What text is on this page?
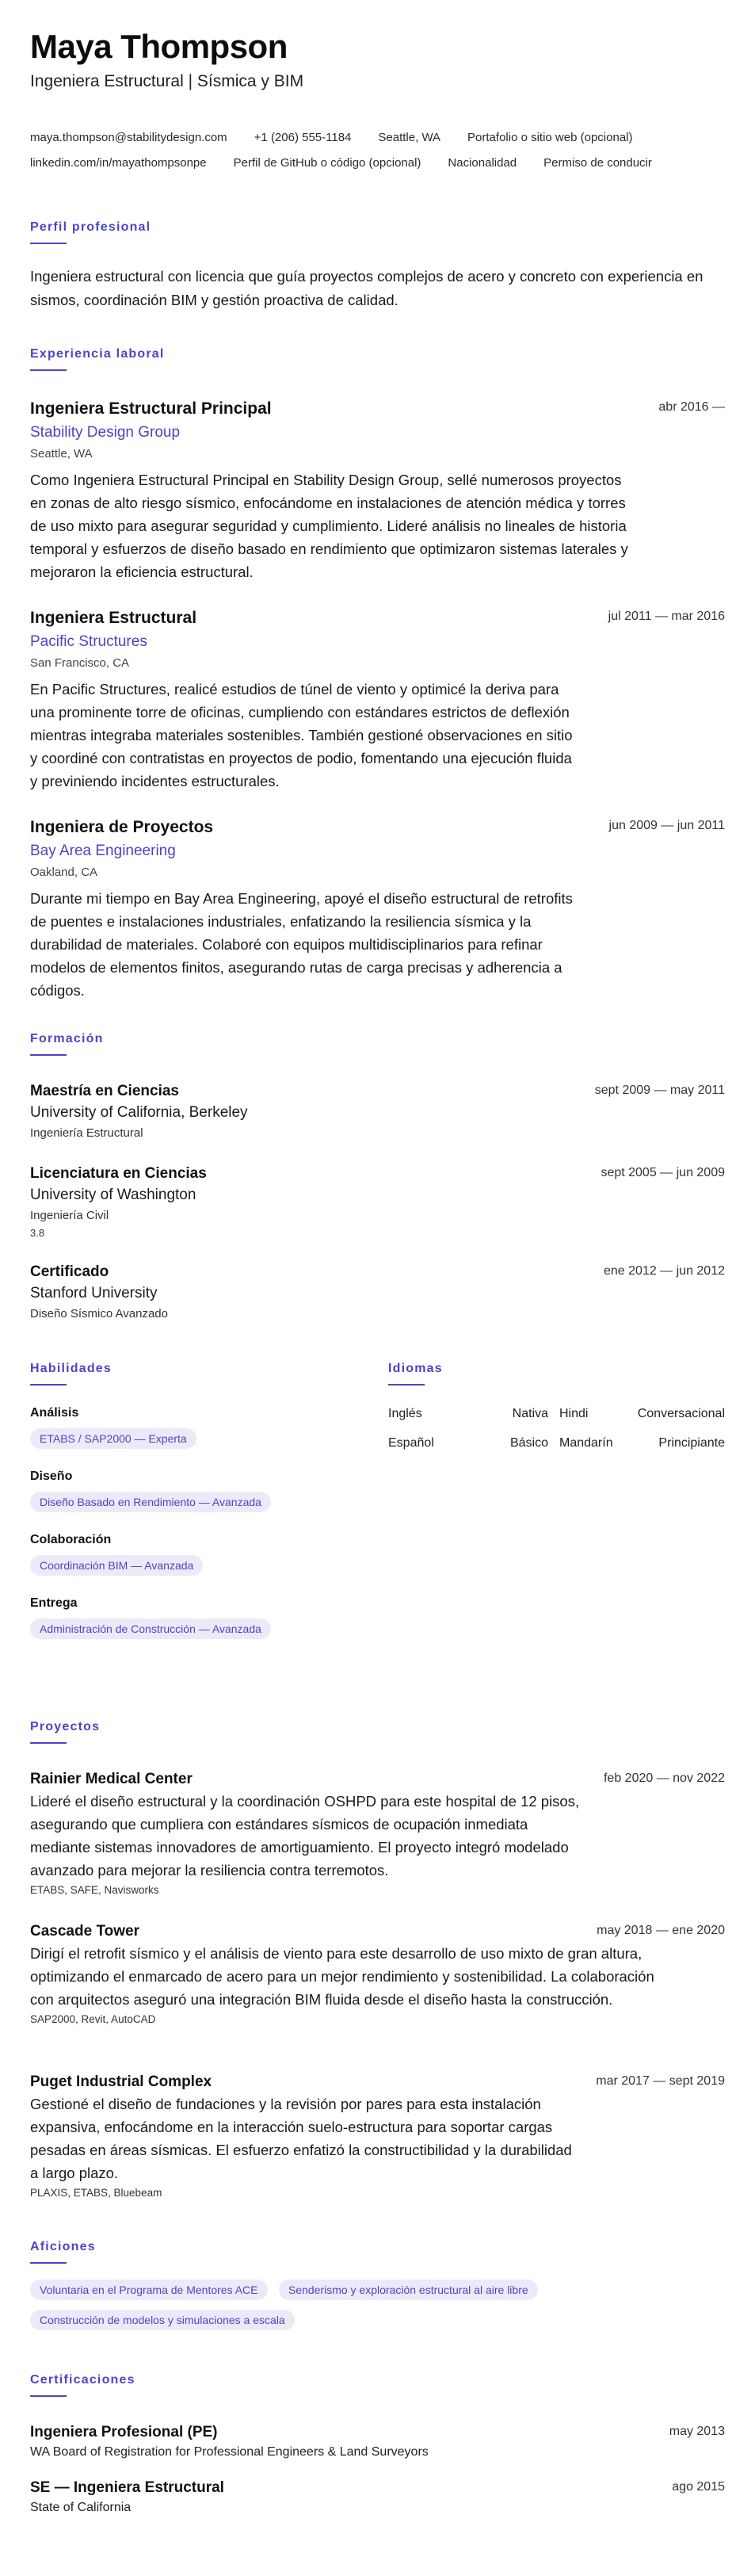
Maya Thompson
Ingeniera Estructural | Sísmica y BIM
maya.thompson@stabilitydesign.com +1 (206) 555-1184 Seattle, WA Portafolio o sitio web (opcional)
linkedin.com/in/mayathompsonpe Perfil de GitHub o código (opcional) Nacionalidad Permiso de conducir
Perfil profesional
Ingeniera estructural con licencia que guía proyectos complejos de acero y concreto con experiencia en sismos, coordinación BIM y gestión proactiva de calidad.
Experiencia laboral
Ingeniera Estructural Principal	abr 2016 —
Stability Design Group
Seattle, WA
Como Ingeniera Estructural Principal en Stability Design Group, sellé numerosos proyectos en zonas de alto riesgo sísmico, enfocándome en instalaciones de atención médica y torres de uso mixto para asegurar seguridad y cumplimiento. Lideré análisis no lineales de historia temporal y esfuerzos de diseño basado en rendimiento que optimizaron sistemas laterales y mejoraron la eficiencia estructural.
Ingeniera Estructural	jul 2011 — mar 2016
Pacific Structures
San Francisco, CA
En Pacific Structures, realicé estudios de túnel de viento y optimicé la deriva para una prominente torre de oficinas, cumpliendo con estándares estrictos de deflexión mientras integraba materiales sostenibles. También gestioné observaciones en sitio y coordiné con contratistas en proyectos de podio, fomentando una ejecución fluida y previniendo incidentes estructurales.
Ingeniera de Proyectos	jun 2009 — jun 2011
Bay Area Engineering
Oakland, CA
Durante mi tiempo en Bay Area Engineering, apoyé el diseño estructural de retrofits de puentes e instalaciones industriales, enfatizando la resiliencia sísmica y la durabilidad de materiales. Colaboré con equipos multidisciplinarios para refinar modelos de elementos finitos, asegurando rutas de carga precisas y adherencia a códigos.
Formación
Maestría en Ciencias	sept 2009 — may 2011
University of California, Berkeley
Ingeniería Estructural
Licenciatura en Ciencias	sept 2005 — jun 2009
University of Washington
Ingeniería Civil
3.8
Certificado	ene 2012 — jun 2012
Stanford University
Diseño Sísmico Avanzado
Habilidades
Análisis
ETABS / SAP2000 — Experta
Diseño
Diseño Basado en Rendimiento — Avanzada
Colaboración
Coordinación BIM — Avanzada
Entrega
Administración de Construcción — Avanzada
Idiomas
Inglés	Nativa Hindi	Conversacional
Español	Básico Mandarín	Principiante
Proyectos
Rainier Medical Center	feb 2020 — nov 2022
Lideré el diseño estructural y la coordinación OSHPD para este hospital de 12 pisos, asegurando que cumpliera con estándares sísmicos de ocupación inmediata mediante sistemas innovadores de amortiguamiento. El proyecto integró modelado avanzado para mejorar la resiliencia contra terremotos.
ETABS, SAFE, Navisworks
Cascade Tower	may 2018 — ene 2020
Dirigí el retrofit sísmico y el análisis de viento para este desarrollo de uso mixto de gran altura, optimizando el enmarcado de acero para un mejor rendimiento y sostenibilidad. La colaboración con arquitectos aseguró una integración BIM fluida desde el diseño hasta la construcción.
SAP2000, Revit, AutoCAD
Puget Industrial Complex	mar 2017 — sept 2019
Gestioné el diseño de fundaciones y la revisión por pares para esta instalación expansiva, enfocándome en la interacción suelo-estructura para soportar cargas pesadas en áreas sísmicas. El esfuerzo enfatizó la constructibilidad y la durabilidad a largo plazo.
PLAXIS, ETABS, Bluebeam
Aficiones
Voluntaria en el Programa de Mentores ACE	Senderismo y exploración estructural al aire libre
Construcción de modelos y simulaciones a escala
Certificaciones
Ingeniera Profesional (PE)	may 2013
WA Board of Registration for Professional Engineers & Land Surveyors
SE — Ingeniera Estructural	ago 2015
State of California
